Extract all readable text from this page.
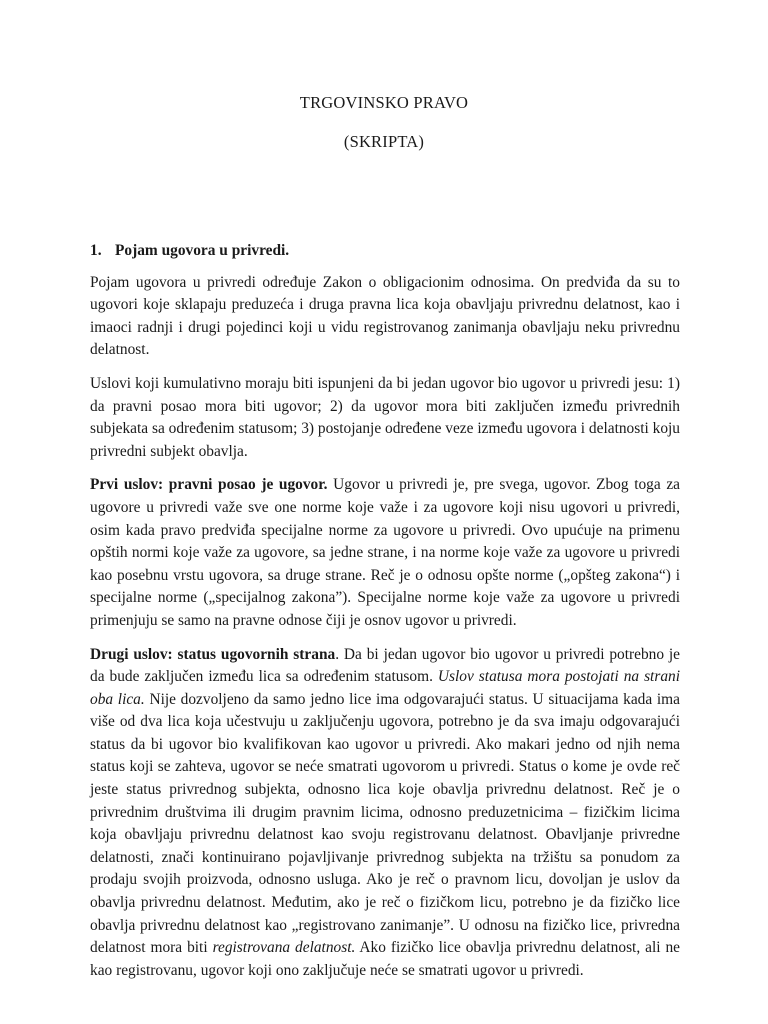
TRGOVINSKO PRAVO
(SKRIPTA)

1. Pojam ugovora u privredi.

Pojam ugovora u privredi određuje Zakon o obligacionim odnosima. On predviđa da su to ugovori koje sklapaju preduzeća i druga pravna lica koja obavljaju privrednu delatnost, kao i imaoci radnji i drugi pojedinci koji u vidu registrovanog zanimanja obavljaju neku privrednu delatnost.

Uslovi koji kumulativno moraju biti ispunjeni da bi jedan ugovor bio ugovor u privredi jesu: 1) da pravni posao mora biti ugovor; 2) da ugovor mora biti zaključen između privrednih subjekata sa određenim statusom; 3) postojanje određene veze između ugovora i delatnosti koju privredni subjekt obavlja.

Prvi uslov: pravni posao je ugovor. Ugovor u privredi je, pre svega, ugovor. Zbog toga za ugovore u privredi važe sve one norme koje važe i za ugovore koji nisu ugovori u privredi, osim kada pravo predviđa specijalne norme za ugovore u privredi. Ovo upućuje na primenu opštih normi koje važe za ugovore, sa jedne strane, i na norme koje važe za ugovore u privredi kao posebnu vrstu ugovora, sa druge strane. Reč je o odnosu opšte norme („opšteg zakona“) i specijalne norme („specijalnog zakona”). Specijalne norme koje važe za ugovore u privredi primenjuju se samo na pravne odnose čiji je osnov ugovor u privredi.

Drugi uslov: status ugovornih strana. Da bi jedan ugovor bio ugovor u privredi potrebno je da bude zaključen između lica sa određenim statusom. Uslov statusa mora postojati na strani oba lica. Nije dozvoljeno da samo jedno lice ima odgovarajući status. U situacijama kada ima više od dva lica koja učestvuju u zaključenju ugovora, potrebno je da sva imaju odgovarajući status da bi ugovor bio kvalifikovan kao ugovor u privredi. Ako makari jedno od njih nema status koji se zahteva, ugovor se neće smatrati ugovorom u privredi. Status o kome je ovde reč jeste status privrednog subjekta, odnosno lica koje obavlja privrednu delatnost. Reč je o privrednim društvima ili drugim pravnim licima, odnosno preduzetnicima – fizičkim licima koja obavljaju privrednu delatnost kao svoju registrovanu delatnost. Obavljanje privredne delatnosti, znači kontinuirano pojavljivanje privrednog subjekta na tržištu sa ponudom za prodaju svojih proizvoda, odnosno usluga. Ako je reč o pravnom licu, dovoljan je uslov da obavlja privrednu delatnost. Međutim, ako je reč o fizičkom licu, potrebno je da fizičko lice obavlja privrednu delatnost kao „registrovano zanimanje”. U odnosu na fizičko lice, privredna delatnost mora biti registrovana delatnost. Ako fizičko lice obavlja privrednu delatnost, ali ne kao registrovanu, ugovor koji ono zaključuje neće se smatrati ugovor u privredi.
